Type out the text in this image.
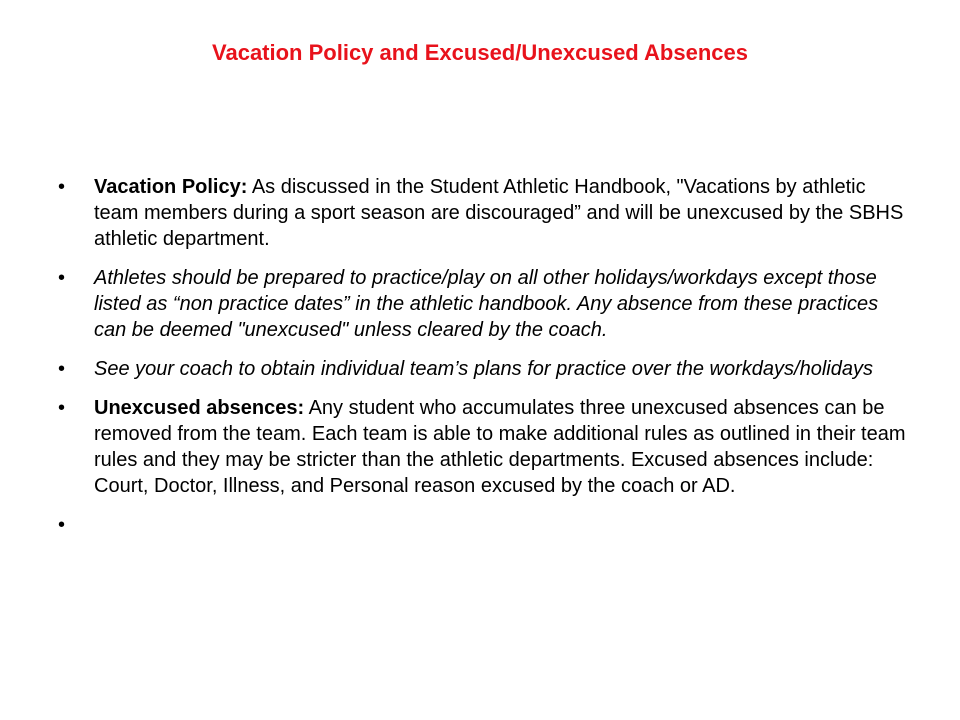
Vacation Policy and Excused/Unexcused Absences
• Vacation Policy: As discussed in the Student Athletic Handbook, "Vacations by athletic team members during a sport season are discouraged” and will be unexcused by the SBHS athletic department.
• Athletes should be prepared to practice/play on all other holidays/workdays except those listed as “non practice dates” in the athletic handbook. Any absence from these practices can be deemed "unexcused" unless cleared by the coach.
• See your coach to obtain individual team’s plans for practice over the workdays/holidays
• Unexcused absences: Any student who accumulates three unexcused absences can be removed from the team. Each team is able to make additional rules as outlined in their team rules and they may be stricter than the athletic departments. Excused absences include: Court, Doctor, Illness, and Personal reason excused by the coach or AD.
•
